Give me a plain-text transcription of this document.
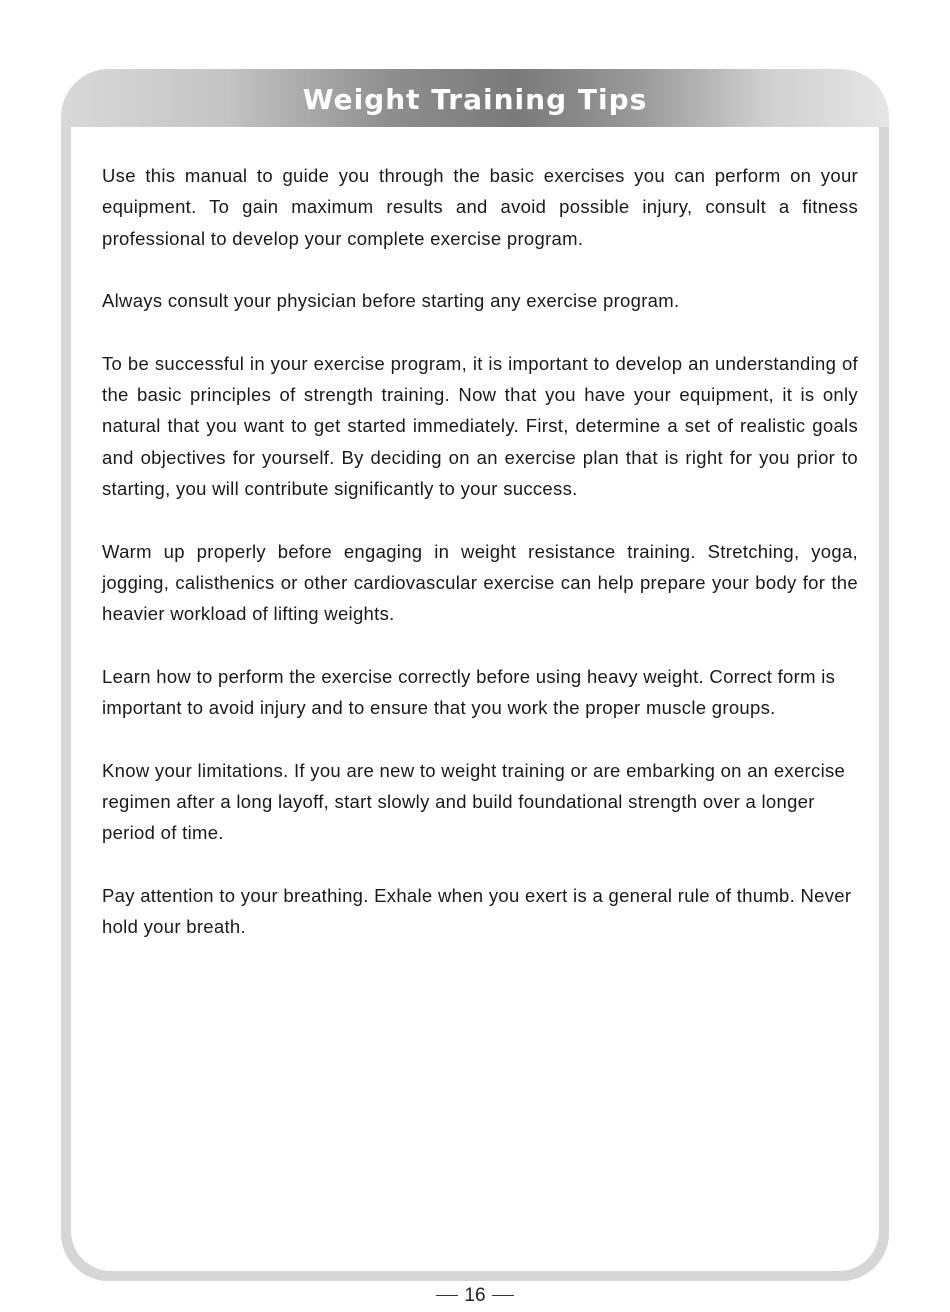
Weight Training Tips

Use this manual to guide you through the basic exercises you can perform on your equipment. To gain maximum results and avoid possible injury, consult a fitness professional to develop your complete exercise program.

Always consult your physician before starting any exercise program.

To be successful in your exercise program, it is important to develop an understanding of the basic principles of strength training. Now that you have your equipment, it is only natural that you want to get started immediately. First, determine a set of realistic goals and objectives for yourself. By deciding on an exercise plan that is right for you prior to starting, you will contribute significantly to your success.

Warm up properly before engaging in weight resistance training. Stretching, yoga, jogging, calisthenics or other cardiovascular exercise can help prepare your body for the heavier workload of lifting weights.

Learn how to perform the exercise correctly before using heavy weight. Correct form is important to avoid injury and to ensure that you work the proper muscle groups.

Know your limitations. If you are new to weight training or are embarking on an exercise regimen after a long layoff, start slowly and build foundational strength over a longer period of time.

Pay attention to your breathing. Exhale when you exert is a general rule of thumb. Never hold your breath.

16
